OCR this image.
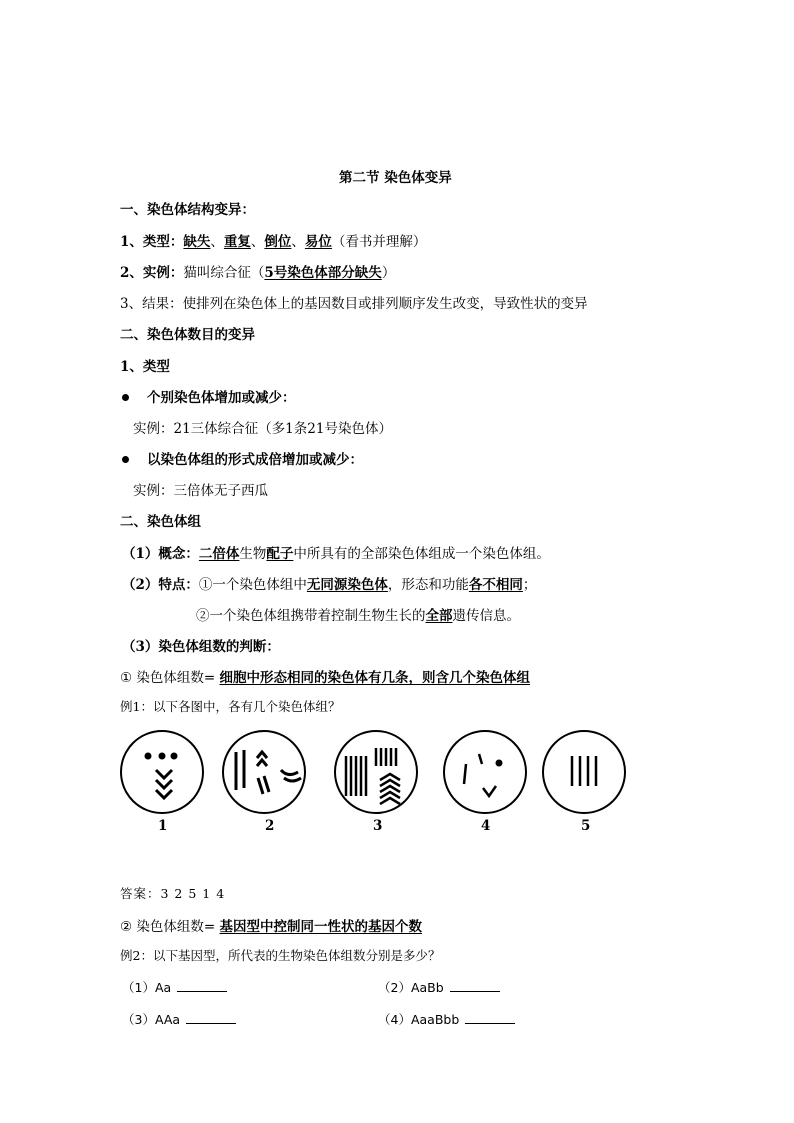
第二节 染色体变异
一、染色体结构变异：
1、类型：缺失、重复、倒位、易位（看书并理解）
2、实例：猫叫综合征（5号染色体部分缺失）
3、结果：使排列在染色体上的基因数目或排列顺序发生改变，导致性状的变异
二、染色体数目的变异
1、类型
个别染色体增加或减少：
实例：21三体综合征（多1条21号染色体）
以染色体组的形式成倍增加或减少：
实例：三倍体无子西瓜
二、染色体组
（1）概念：二倍体生物配子中所具有的全部染色体组成一个染色体组。
（2）特点：①一个染色体组中无同源染色体，形态和功能各不相同；
②一个染色体组携带着控制生物生长的全部遗传信息。
（3）染色体组数的判断：
① 染色体组数= 细胞中形态相同的染色体有几条，则含几个染色体组
例1：以下各图中，各有几个染色体组？
1	2	3	4	5
答案：3 2 5 1 4
② 染色体组数= 基因型中控制同一性状的基因个数
例2：以下基因型，所代表的生物染色体组数分别是多少？
（1）Aa	（2）AaBb
（3）AAa	（4）AaaBbb
